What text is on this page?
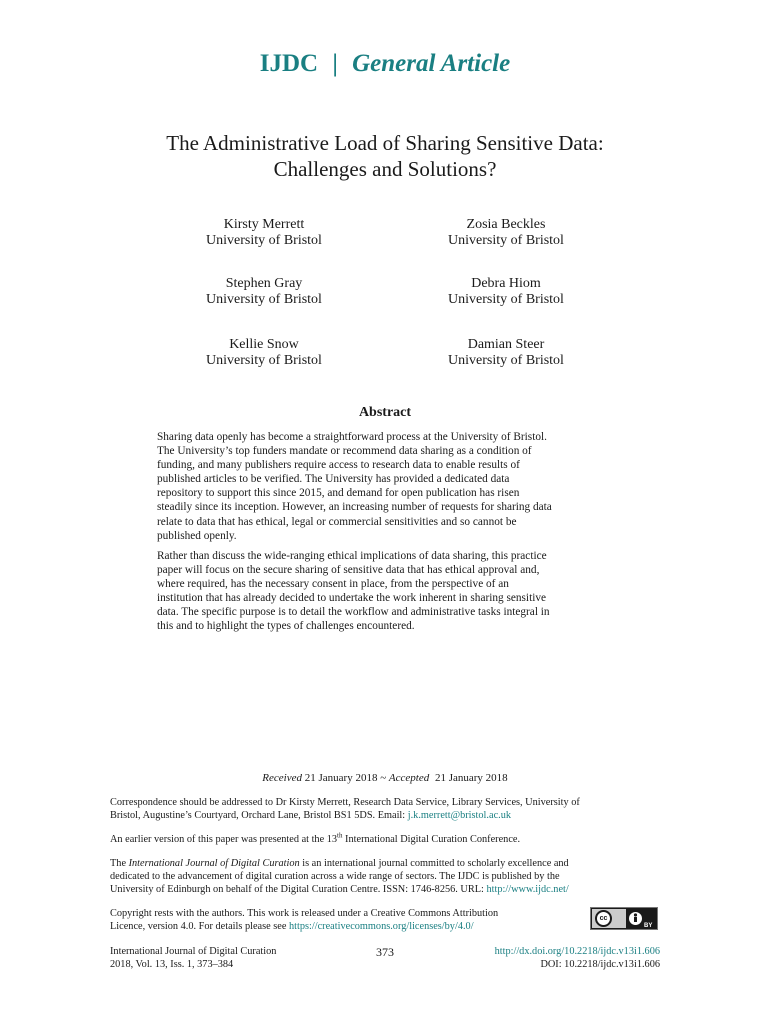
IJDC | General Article
The Administrative Load of Sharing Sensitive Data:
Challenges and Solutions?
Kirsty Merrett
University of Bristol
Zosia Beckles
University of Bristol
Stephen Gray
University of Bristol
Debra Hiom
University of Bristol
Kellie Snow
University of Bristol
Damian Steer
University of Bristol
Abstract
Sharing data openly has become a straightforward process at the University of Bristol.
The University’s top funders mandate or recommend data sharing as a condition of
funding, and many publishers require access to research data to enable results of
published articles to be verified. The University has provided a dedicated data
repository to support this since 2015, and demand for open publication has risen
steadily since its inception. However, an increasing number of requests for sharing data
relate to data that has ethical, legal or commercial sensitivities and so cannot be
published openly.
Rather than discuss the wide-ranging ethical implications of data sharing, this practice
paper will focus on the secure sharing of sensitive data that has ethical approval and,
where required, has the necessary consent in place, from the perspective of an
institution that has already decided to undertake the work inherent in sharing sensitive
data. The specific purpose is to detail the workflow and administrative tasks integral in
this and to highlight the types of challenges encountered.
Received 21 January 2018 ~ Accepted 21 January 2018
Correspondence should be addressed to Dr Kirsty Merrett, Research Data Service, Library Services, University of
Bristol, Augustine’s Courtyard, Orchard Lane, Bristol BS1 5DS. Email: j.k.merrett@bristol.ac.uk
An earlier version of this paper was presented at the 13th International Digital Curation Conference.
The International Journal of Digital Curation is an international journal committed to scholarly excellence and
dedicated to the advancement of digital curation across a wide range of sectors. The IJDC is published by the
University of Edinburgh on behalf of the Digital Curation Centre. ISSN: 1746-8256. URL: http://www.ijdc.net/
Copyright rests with the authors. This work is released under a Creative Commons Attribution
Licence, version 4.0. For details please see https://creativecommons.org/licenses/by/4.0/
cc
BY
International Journal of Digital Curation
2018, Vol. 13, Iss. 1, 373–384
373	http://dx.doi.org/10.2218/ijdc.v13i1.606
DOI: 10.2218/ijdc.v13i1.606
